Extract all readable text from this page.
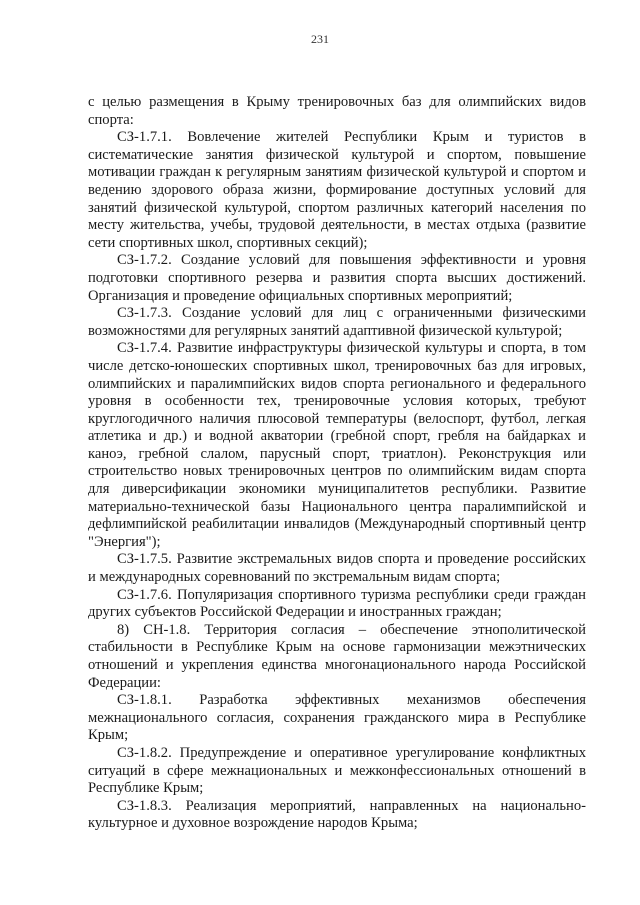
231

с целью размещения в Крыму тренировочных баз для олимпийских видов спорта:

СЗ-1.7.1. Вовлечение жителей Республики Крым и туристов в систематические занятия физической культурой и спортом, повышение мотивации граждан к регулярным занятиям физической культурой и спортом и ведению здорового образа жизни, формирование доступных условий для занятий физической культурой, спортом различных категорий населения по месту жительства, учебы, трудовой деятельности, в местах отдыха (развитие сети спортивных школ, спортивных секций);

СЗ-1.7.2. Создание условий для повышения эффективности и уровня подготовки спортивного резерва и развития спорта высших достижений. Организация и проведение официальных спортивных мероприятий;

СЗ-1.7.3. Создание условий для лиц с ограниченными физическими возможностями для регулярных занятий адаптивной физической культурой;

СЗ-1.7.4. Развитие инфраструктуры физической культуры и спорта, в том числе детско-юношеских спортивных школ, тренировочных баз для игровых, олимпийских и паралимпийских видов спорта регионального и федерального уровня в особенности тех, тренировочные условия которых, требуют круглогодичного наличия плюсовой температуры (велоспорт, футбол, легкая атлетика и др.) и водной акватории (гребной спорт, гребля на байдарках и каноэ, гребной слалом, парусный спорт, триатлон). Реконструкция или строительство новых тренировочных центров по олимпийским видам спорта для диверсификации экономики муниципалитетов республики. Развитие материально-технической базы Национального центра паралимпийской и дефлимпийской реабилитации инвалидов (Международный спортивный центр "Энергия");

СЗ-1.7.5. Развитие экстремальных видов спорта и проведение российских и международных соревнований по экстремальным видам спорта;

СЗ-1.7.6. Популяризация спортивного туризма республики среди граждан других субъектов Российской Федерации и иностранных граждан;

8) СН-1.8. Территория согласия – обеспечение этнополитической стабильности в Республике Крым на основе гармонизации межэтнических отношений и укрепления единства многонационального народа Российской Федерации:

СЗ-1.8.1. Разработка эффективных механизмов обеспечения межнационального согласия, сохранения гражданского мира в Республике Крым;

СЗ-1.8.2. Предупреждение и оперативное урегулирование конфликтных ситуаций в сфере межнациональных и межконфессиональных отношений в Республике Крым;

СЗ-1.8.3. Реализация мероприятий, направленных на национально-культурное и духовное возрождение народов Крыма;
